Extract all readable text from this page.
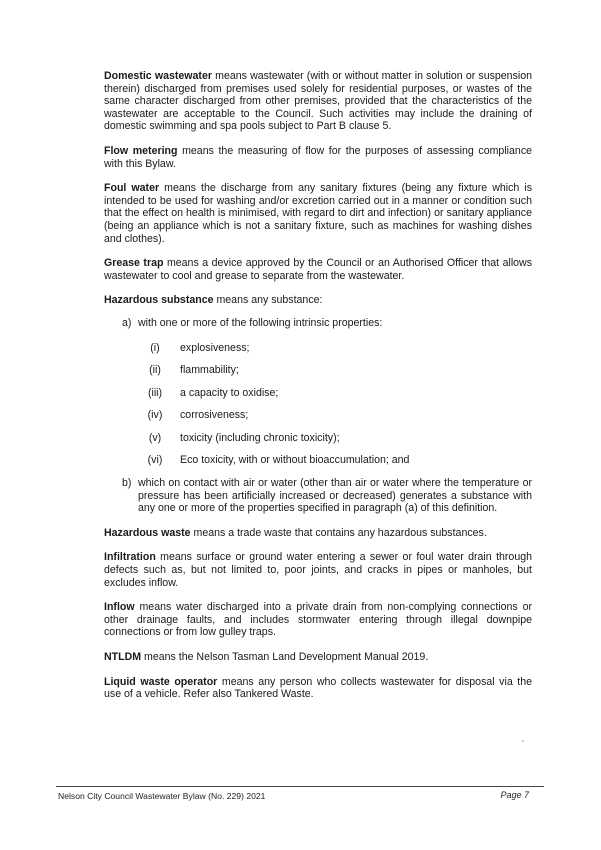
Domestic wastewater means wastewater (with or without matter in solution or suspension therein) discharged from premises used solely for residential purposes, or wastes of the same character discharged from other premises, provided that the characteristics of the wastewater are acceptable to the Council. Such activities may include the draining of domestic swimming and spa pools subject to Part B clause 5.

Flow metering means the measuring of flow for the purposes of assessing compliance with this Bylaw.

Foul water means the discharge from any sanitary fixtures (being any fixture which is intended to be used for washing and/or excretion carried out in a manner or condition such that the effect on health is minimised, with regard to dirt and infection) or sanitary appliance (being an appliance which is not a sanitary fixture, such as machines for washing dishes and clothes).

Grease trap means a device approved by the Council or an Authorised Officer that allows wastewater to cool and grease to separate from the wastewater.

Hazardous substance means any substance:

a) with one or more of the following intrinsic properties:
(i)	explosiveness;
(ii)	flammability;
(iii)	a capacity to oxidise;
(iv)	corrosiveness;
(v)	toxicity (including chronic toxicity);
(vi)	Eco toxicity, with or without bioaccumulation; and
b) which on contact with air or water (other than air or water where the temperature or pressure has been artificially increased or decreased) generates a substance with any one or more of the properties specified in paragraph (a) of this definition.

Hazardous waste means a trade waste that contains any hazardous substances.

Infiltration means surface or ground water entering a sewer or foul water drain through defects such as, but not limited to, poor joints, and cracks in pipes or manholes, but excludes inflow.

Inflow means water discharged into a private drain from non-complying connections or other drainage faults, and includes stormwater entering through illegal downpipe connections or from low gulley traps.

NTLDM means the Nelson Tasman Land Development Manual 2019.

Liquid waste operator means any person who collects wastewater for disposal via the use of a vehicle. Refer also Tankered Waste.

Nelson City Council Wastewater Bylaw (No. 229) 2021	Page 7
